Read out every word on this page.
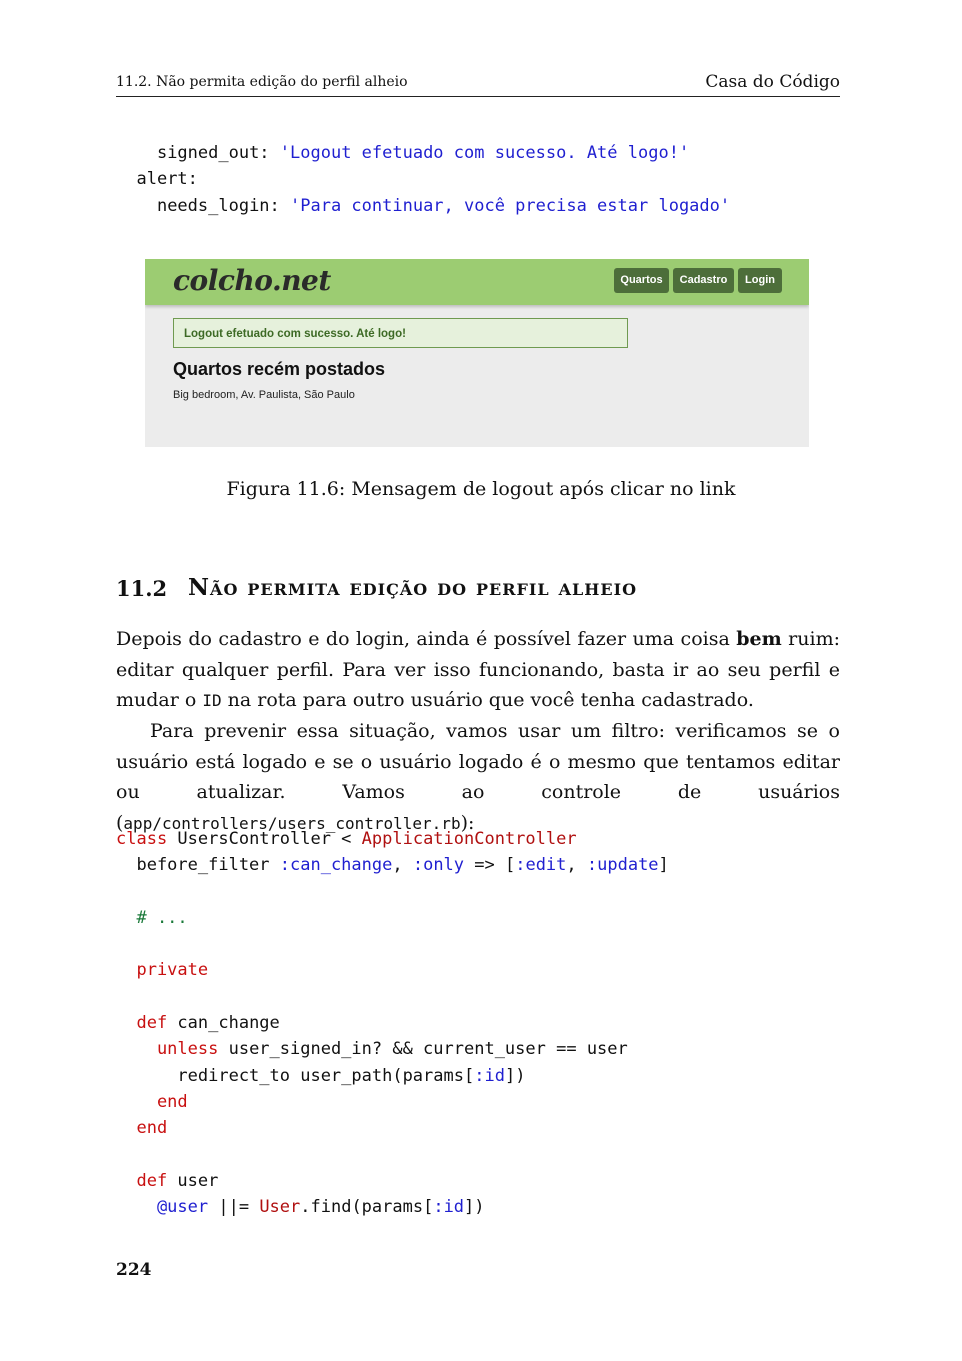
11.2. Não permita edição do perfil alheio	Casa do Código
signed_out: 'Logout efetuado com sucesso. Até logo!'
alert:
needs_login: 'Para continuar, você precisa estar logado'
colcho.net	Quartos	Cadastro	Login
Logout efetuado com sucesso. Até logo!
Quartos recém postados
Big bedroom, Av. Paulista, São Paulo
Figura 11.6: Mensagem de logout após clicar no link
11.2 Não permita edição do perfil alheio
Depois do cadastro e do login, ainda é possível fazer uma coisa bem ruim: editar qualquer perfil. Para ver isso funcionando, basta ir ao seu perfil e mudar o ID na rota para outro usuário que você tenha cadastrado.
Para prevenir essa situação, vamos usar um filtro: verificamos se o usuário está logado e se o usuário logado é o mesmo que tentamos editar ou atualizar. Vamos ao controle de usuários (app/controllers/users_controller.rb):
class UsersController < ApplicationController
before_filter :can_change, :only => [:edit, :update]

# ...

private

def can_change
unless user_signed_in? && current_user == user
redirect_to user_path(params[:id])
end
end

def user
@user ||= User.find(params[:id])
224
